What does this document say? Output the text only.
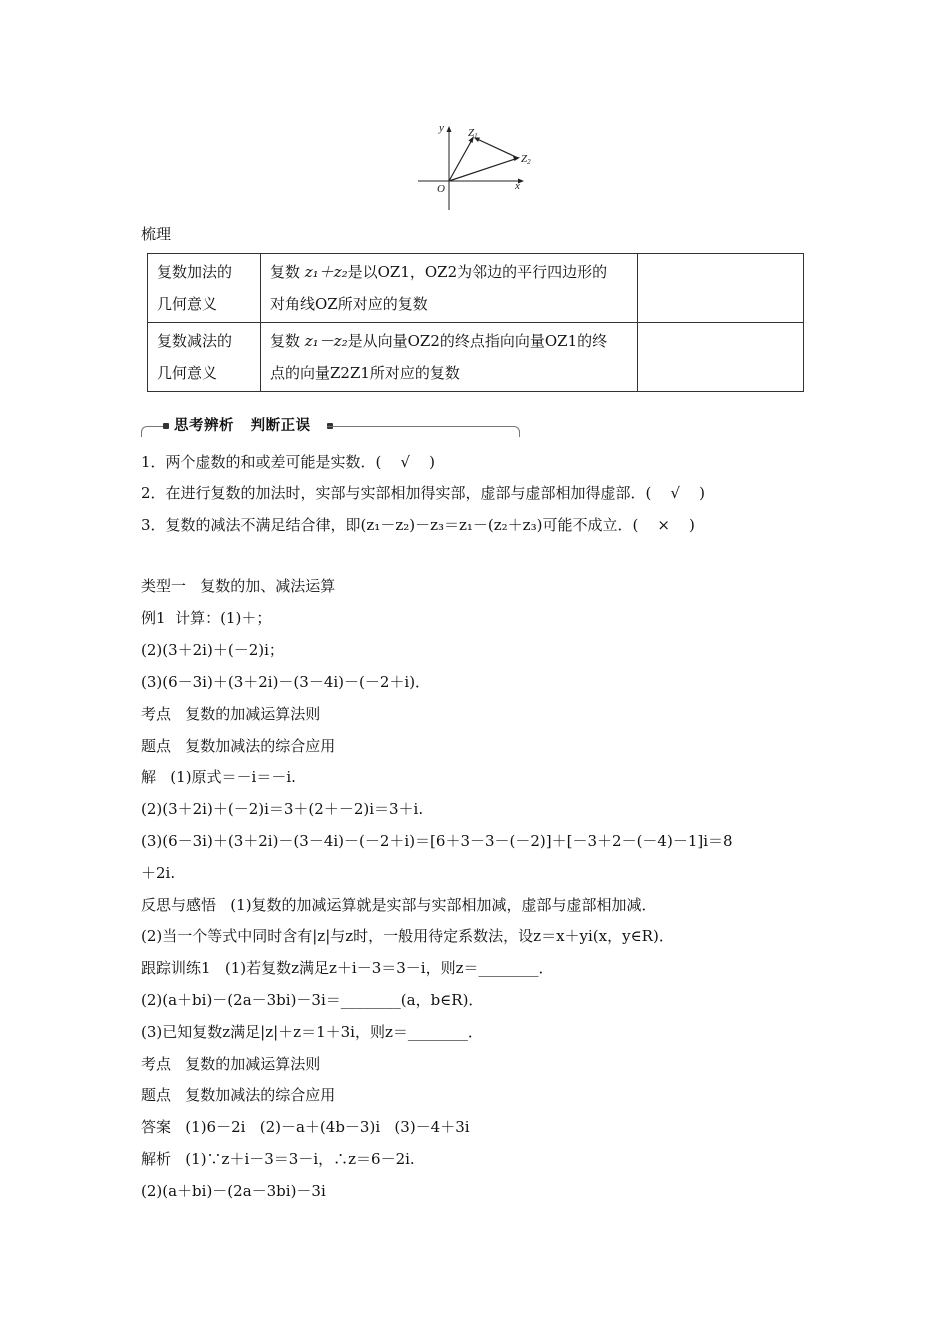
y
x
O
Z1
Z2
梳理
复数加法的
几何意义	复数 z₁＋z₂是以OZ1，OZ2为邻边的平行四边形的
对角线OZ所对应的复数	
复数减法的
几何意义	复数 z₁－z₂是从向量OZ2的终点指向向量OZ1的终
点的向量Z2Z1所对应的复数	
思考辨析   判断正误
1．两个虚数的和或差可能是实数．(    √    )
2．在进行复数的加法时，实部与实部相加得实部，虚部与虚部相加得虚部．(    √    )
3．复数的减法不满足结合律，即(z₁－z₂)－z₃＝z₁－(z₂＋z₃)可能不成立．(    ×    )
类型一   复数的加、减法运算
例1  计算：(1)＋；
(2)(3＋2i)＋(－2)i；
(3)(6－3i)＋(3＋2i)－(3－4i)－(－2＋i)．
考点   复数的加减运算法则
题点   复数加减法的综合应用
解   (1)原式＝－i＝－i.
(2)(3＋2i)＋(－2)i＝3＋(2＋－2)i＝3＋i.
(3)(6－3i)＋(3＋2i)－(3－4i)－(－2＋i)＝[6＋3－3－(－2)]＋[－3＋2－(－4)－1]i＝8
＋2i.
反思与感悟   (1)复数的加减运算就是实部与实部相加减，虚部与虚部相加减．
(2)当一个等式中同时含有|z|与z时，一般用待定系数法，设z＝x＋yi(x，y∈R)．
跟踪训练1   (1)若复数z满足z＋i－3＝3－i，则z＝________．
(2)(a＋bi)－(2a－3bi)－3i＝________(a，b∈R)．
(3)已知复数z满足|z|＋z＝1＋3i，则z＝________．
考点   复数的加减运算法则
题点   复数加减法的综合应用
答案   (1)6－2i   (2)－a＋(4b－3)i   (3)－4＋3i
解析   (1)∵z＋i－3＝3－i，∴z＝6－2i.
(2)(a＋bi)－(2a－3bi)－3i
